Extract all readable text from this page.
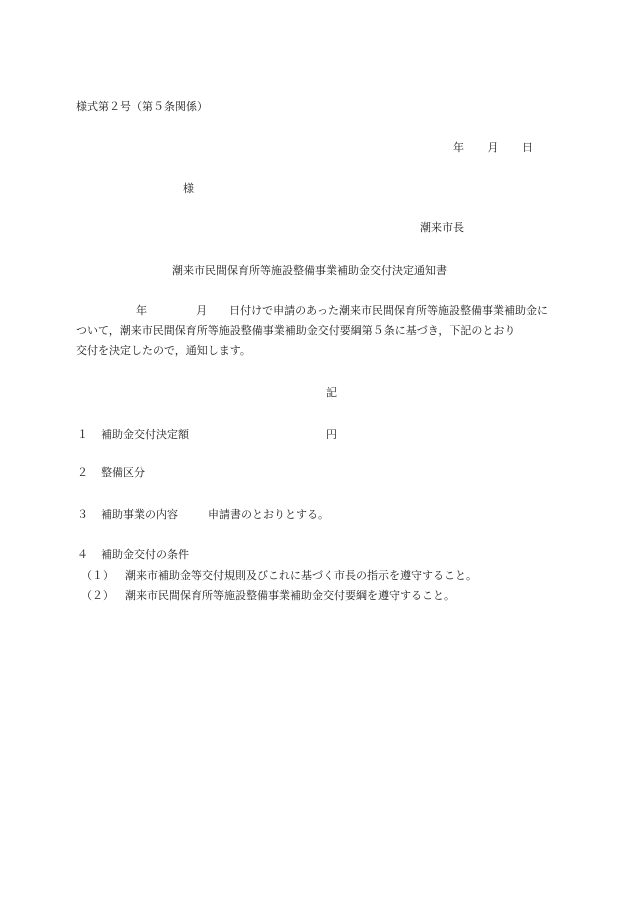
様式第２号（第５条関係）
年 月 日
様
潮来市長
潮来市民間保育所等施設整備事業補助金交付決定通知書
年	月 日付けで申請のあった潮来市民間保育所等施設整備事業補助金に
ついて，潮来市民間保育所等施設整備事業補助金交付要綱第５条に基づき，下記のとおり
交付を決定したので，通知します。
記
１ 補助金交付決定額	円
２ 整備区分
３ 補助事業の内容	申請書のとおりとする。
４ 補助金交付の条件
（１） 潮来市補助金等交付規則及びこれに基づく市長の指示を遵守すること。
（２） 潮来市民間保育所等施設整備事業補助金交付要綱を遵守すること。
